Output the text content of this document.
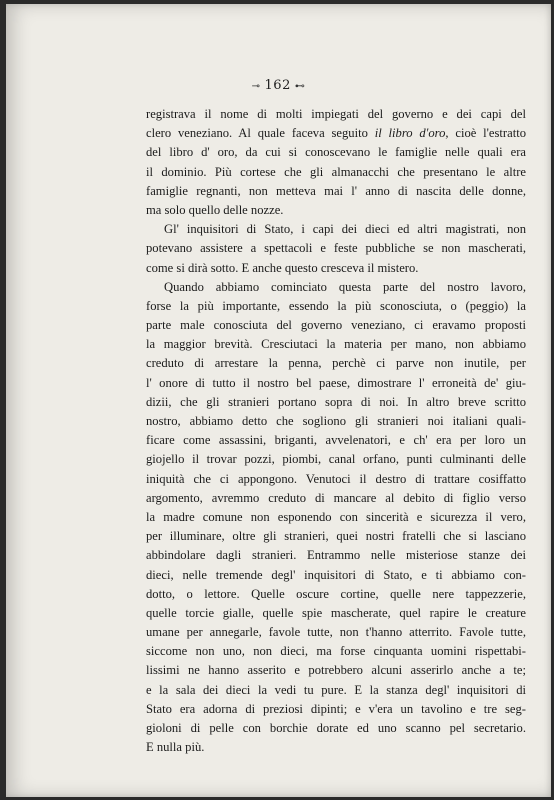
⊸ 162 ⊷
registrava il nome di molti impiegati del governo e dei capi del
clero veneziano. Al quale faceva seguito il libro d'oro, cioè l'estratto
del libro d' oro, da cui si conoscevano le famiglie nelle quali era
il dominio. Più cortese che gli almanacchi che presentano le altre
famiglie regnanti, non metteva mai l' anno di nascita delle donne,
ma solo quello delle nozze.
Gl' inquisitori di Stato, i capi dei dieci ed altri magistrati, non
potevano assistere a spettacoli e feste pubbliche se non mascherati,
come si dirà sotto. E anche questo cresceva il mistero.
Quando abbiamo cominciato questa parte del nostro lavoro,
forse la più importante, essendo la più sconosciuta, o (peggio) la
parte male conosciuta del governo veneziano, ci eravamo proposti
la maggior brevità. Cresciutaci la materia per mano, non abbiamo
creduto di arrestare la penna, perchè ci parve non inutile, per
l' onore di tutto il nostro bel paese, dimostrare l' erroneità de' giu-
dizii, che gli stranieri portano sopra di noi. In altro breve scritto
nostro, abbiamo detto che sogliono gli stranieri noi italiani quali-
ficare come assassini, briganti, avvelenatori, e ch' era per loro un
giojello il trovar pozzi, piombi, canal orfano, punti culminanti delle
iniquità che ci appongono. Venutoci il destro di trattare cosiffatto
argomento, avremmo creduto di mancare al debito di figlio verso
la madre comune non esponendo con sincerità e sicurezza il vero,
per illuminare, oltre gli stranieri, quei nostri fratelli che si lasciano
abbindolare dagli stranieri. Entrammo nelle misteriose stanze dei
dieci, nelle tremende degl' inquisitori di Stato, e ti abbiamo con-
dotto, o lettore. Quelle oscure cortine, quelle nere tappezzerie,
quelle torcie gialle, quelle spie mascherate, quel rapire le creature
umane per annegarle, favole tutte, non t'hanno atterrito. Favole tutte,
siccome non uno, non dieci, ma forse cinquanta uomini rispettabi-
lissimi ne hanno asserito e potrebbero alcuni asserirlo anche a te;
e la sala dei dieci la vedi tu pure. E la stanza degl' inquisitori di
Stato era adorna di preziosi dipinti; e v'era un tavolino e tre seg-
gioloni di pelle con borchie dorate ed uno scanno pel secretario.
E nulla più.
